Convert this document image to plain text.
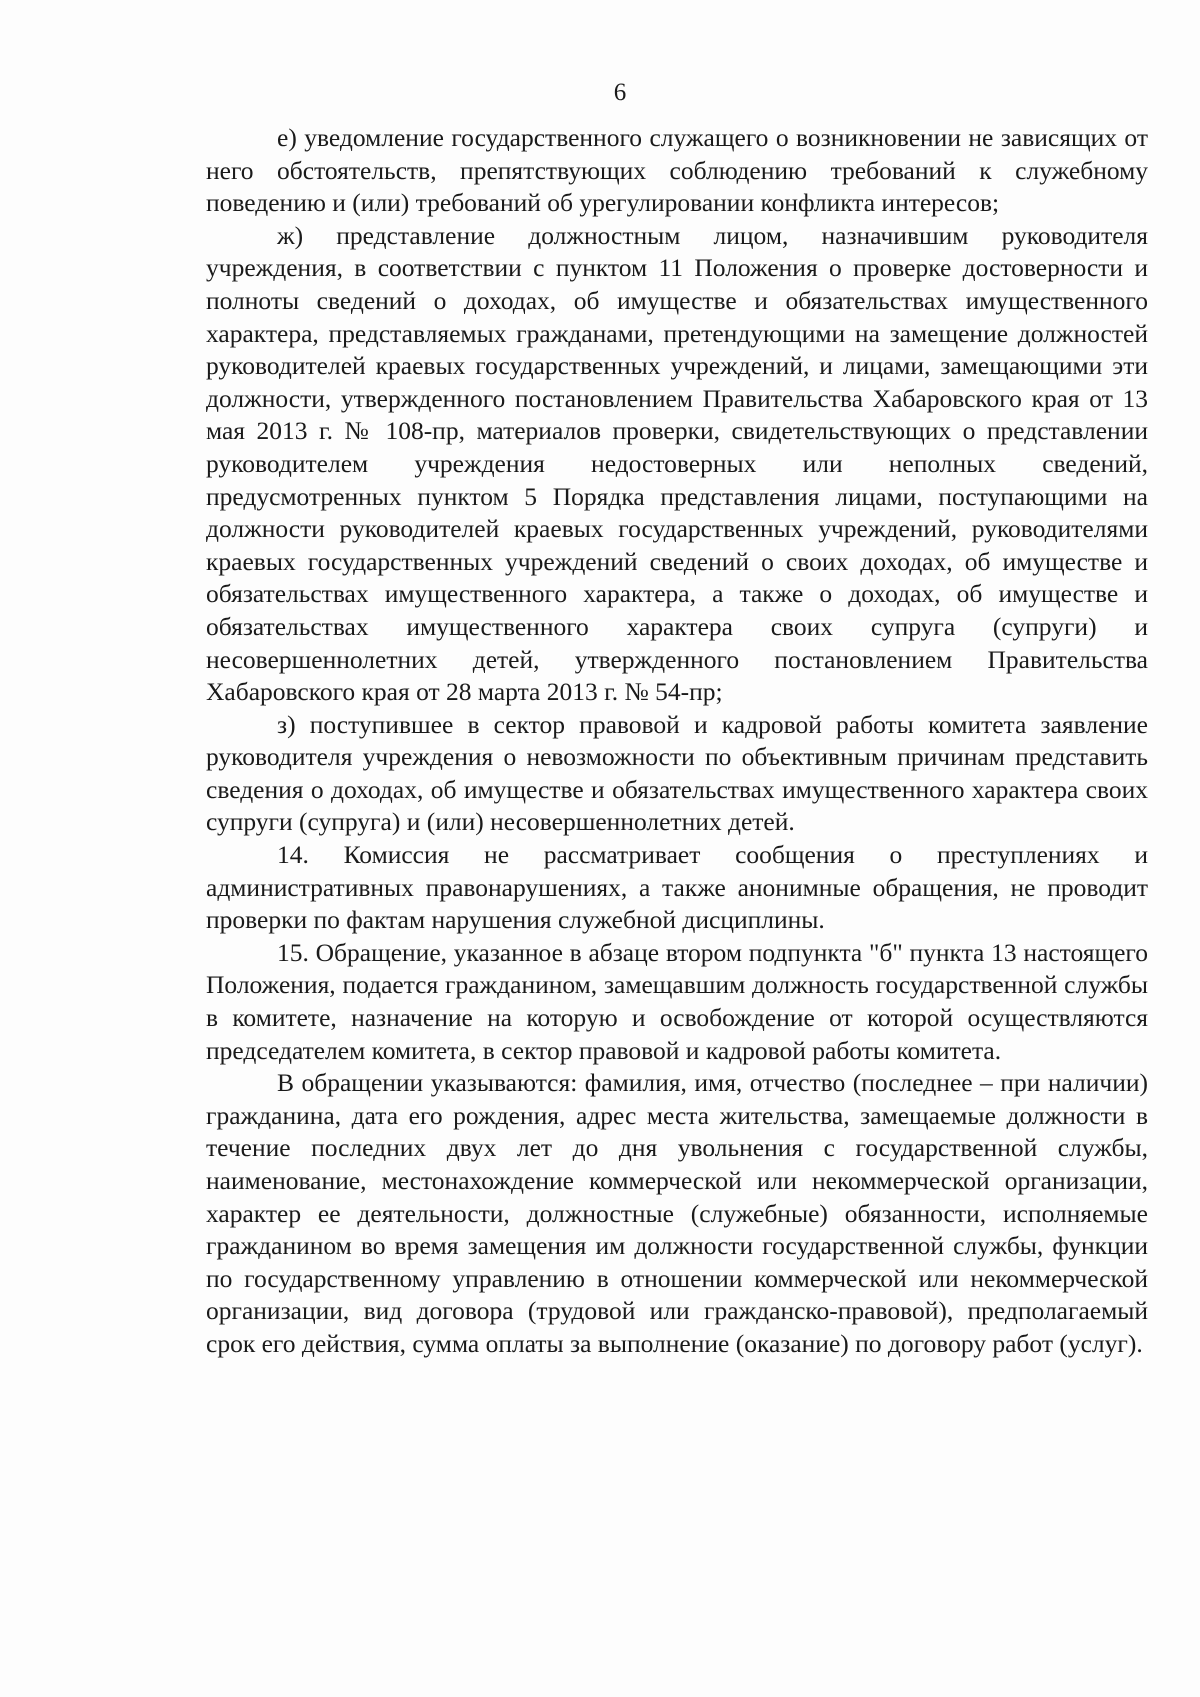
6

е) уведомление государственного служащего о возникновении не зависящих от него обстоятельств, препятствующих соблюдению требований к служебному поведению и (или) требований об урегулировании конфликта интересов;

ж) представление должностным лицом, назначившим руководителя учреждения, в соответствии с пунктом 11 Положения о проверке достоверности и полноты сведений о доходах, об имуществе и обязательствах имущественного характера, представляемых гражданами, претендующими на замещение должностей руководителей краевых государственных учреждений, и лицами, замещающими эти должности, утвержденного постановлением Правительства Хабаровского края от 13 мая 2013 г. № 108-пр, материалов проверки, свидетельствующих о представлении руководителем учреждения недостоверных или неполных сведений, предусмотренных пунктом 5 Порядка представления лицами, поступающими на должности руководителей краевых государственных учреждений, руководителями краевых государственных учреждений сведений о своих доходах, об имуществе и обязательствах имущественного характера, а также о доходах, об имуществе и обязательствах имущественного характера своих супруга (супруги) и несовершеннолетних детей, утвержденного постановлением Правительства Хабаровского края от 28 марта 2013 г. № 54-пр;

з) поступившее в сектор правовой и кадровой работы комитета заявление руководителя учреждения о невозможности по объективным причинам представить сведения о доходах, об имуществе и обязательствах имущественного характера своих супруги (супруга) и (или) несовершеннолетних детей.

14. Комиссия не рассматривает сообщения о преступлениях и административных правонарушениях, а также анонимные обращения, не проводит проверки по фактам нарушения служебной дисциплины.

15. Обращение, указанное в абзаце втором подпункта "б" пункта 13 настоящего Положения, подается гражданином, замещавшим должность государственной службы в комитете, назначение на которую и освобождение от которой осуществляются председателем комитета, в сектор правовой и кадровой работы комитета.

В обращении указываются: фамилия, имя, отчество (последнее – при наличии) гражданина, дата его рождения, адрес места жительства, замещаемые должности в течение последних двух лет до дня увольнения с государственной службы, наименование, местонахождение коммерческой или некоммерческой организации, характер ее деятельности, должностные (служебные) обязанности, исполняемые гражданином во время замещения им должности государственной службы, функции по государственному управлению в отношении коммерческой или некоммерческой организации, вид договора (трудовой или гражданско-правовой), предполагаемый срок его действия, сумма оплаты за выполнение (оказание) по договору работ (услуг).
